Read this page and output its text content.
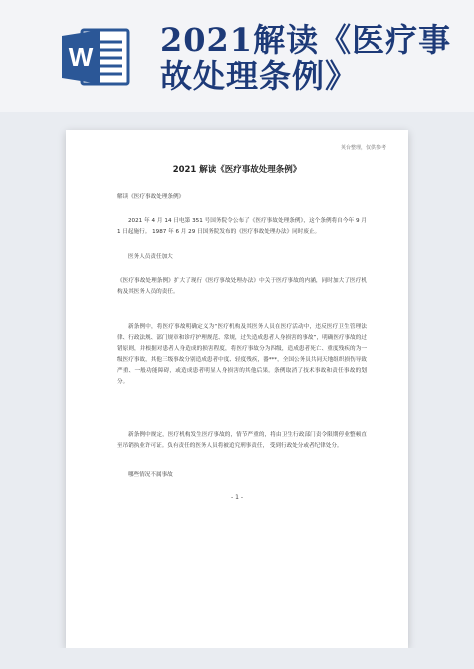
W 2021解读《医疗事故处理条例》
英台整理，仅供参考
2021 解读《医疗事故处理条例》
解读《医疗事故处理条例》
2021 年 4 月 14 日电第 351 号国务院令公布了《医疗事故处理条例》，这个条例将自今年 9 月 1 日起施行。 1987 年 6 月 29 日国务院发布的《医疗事故处理办法》同时废止。
医务人员责任加大
《医疗事故处理条例》扩大了现行《医疗事故处理办法》中关于医疗事故的内涵，同时加大了医疗机构及其医务人员的责任。
新条例中，将医疗事故明确定义为“医疗机构及其医务人员在医疗活动中，违反医疗卫生管理法律、行政法规、部门规章和诊疗护理规范、常规，过失造成患者人身损害的事故”，明确医疗事故的过错原则，并根据对患者人身造成的损害程度，将医疗事故分为四级，造成患者死亡、重度残疾的为一级医疗事故，其他三级事故分别造成患者中度、轻度残疾，器***，全国公务员共同天地组织损伤导致严重、一般功能障碍，或造成患者明显人身损害的其他后果。条例取消了技术事故和责任事故的划分。
新条例中规定，医疗机构发生医疗事故的，情节严重的，将由卫生行政部门责令限期停业整顿直至吊销执业许可证。负有责任的医务人员将被追究刑事责任， 受到行政处分或者纪律处分。
哪些情况不属事故
- 1 -
